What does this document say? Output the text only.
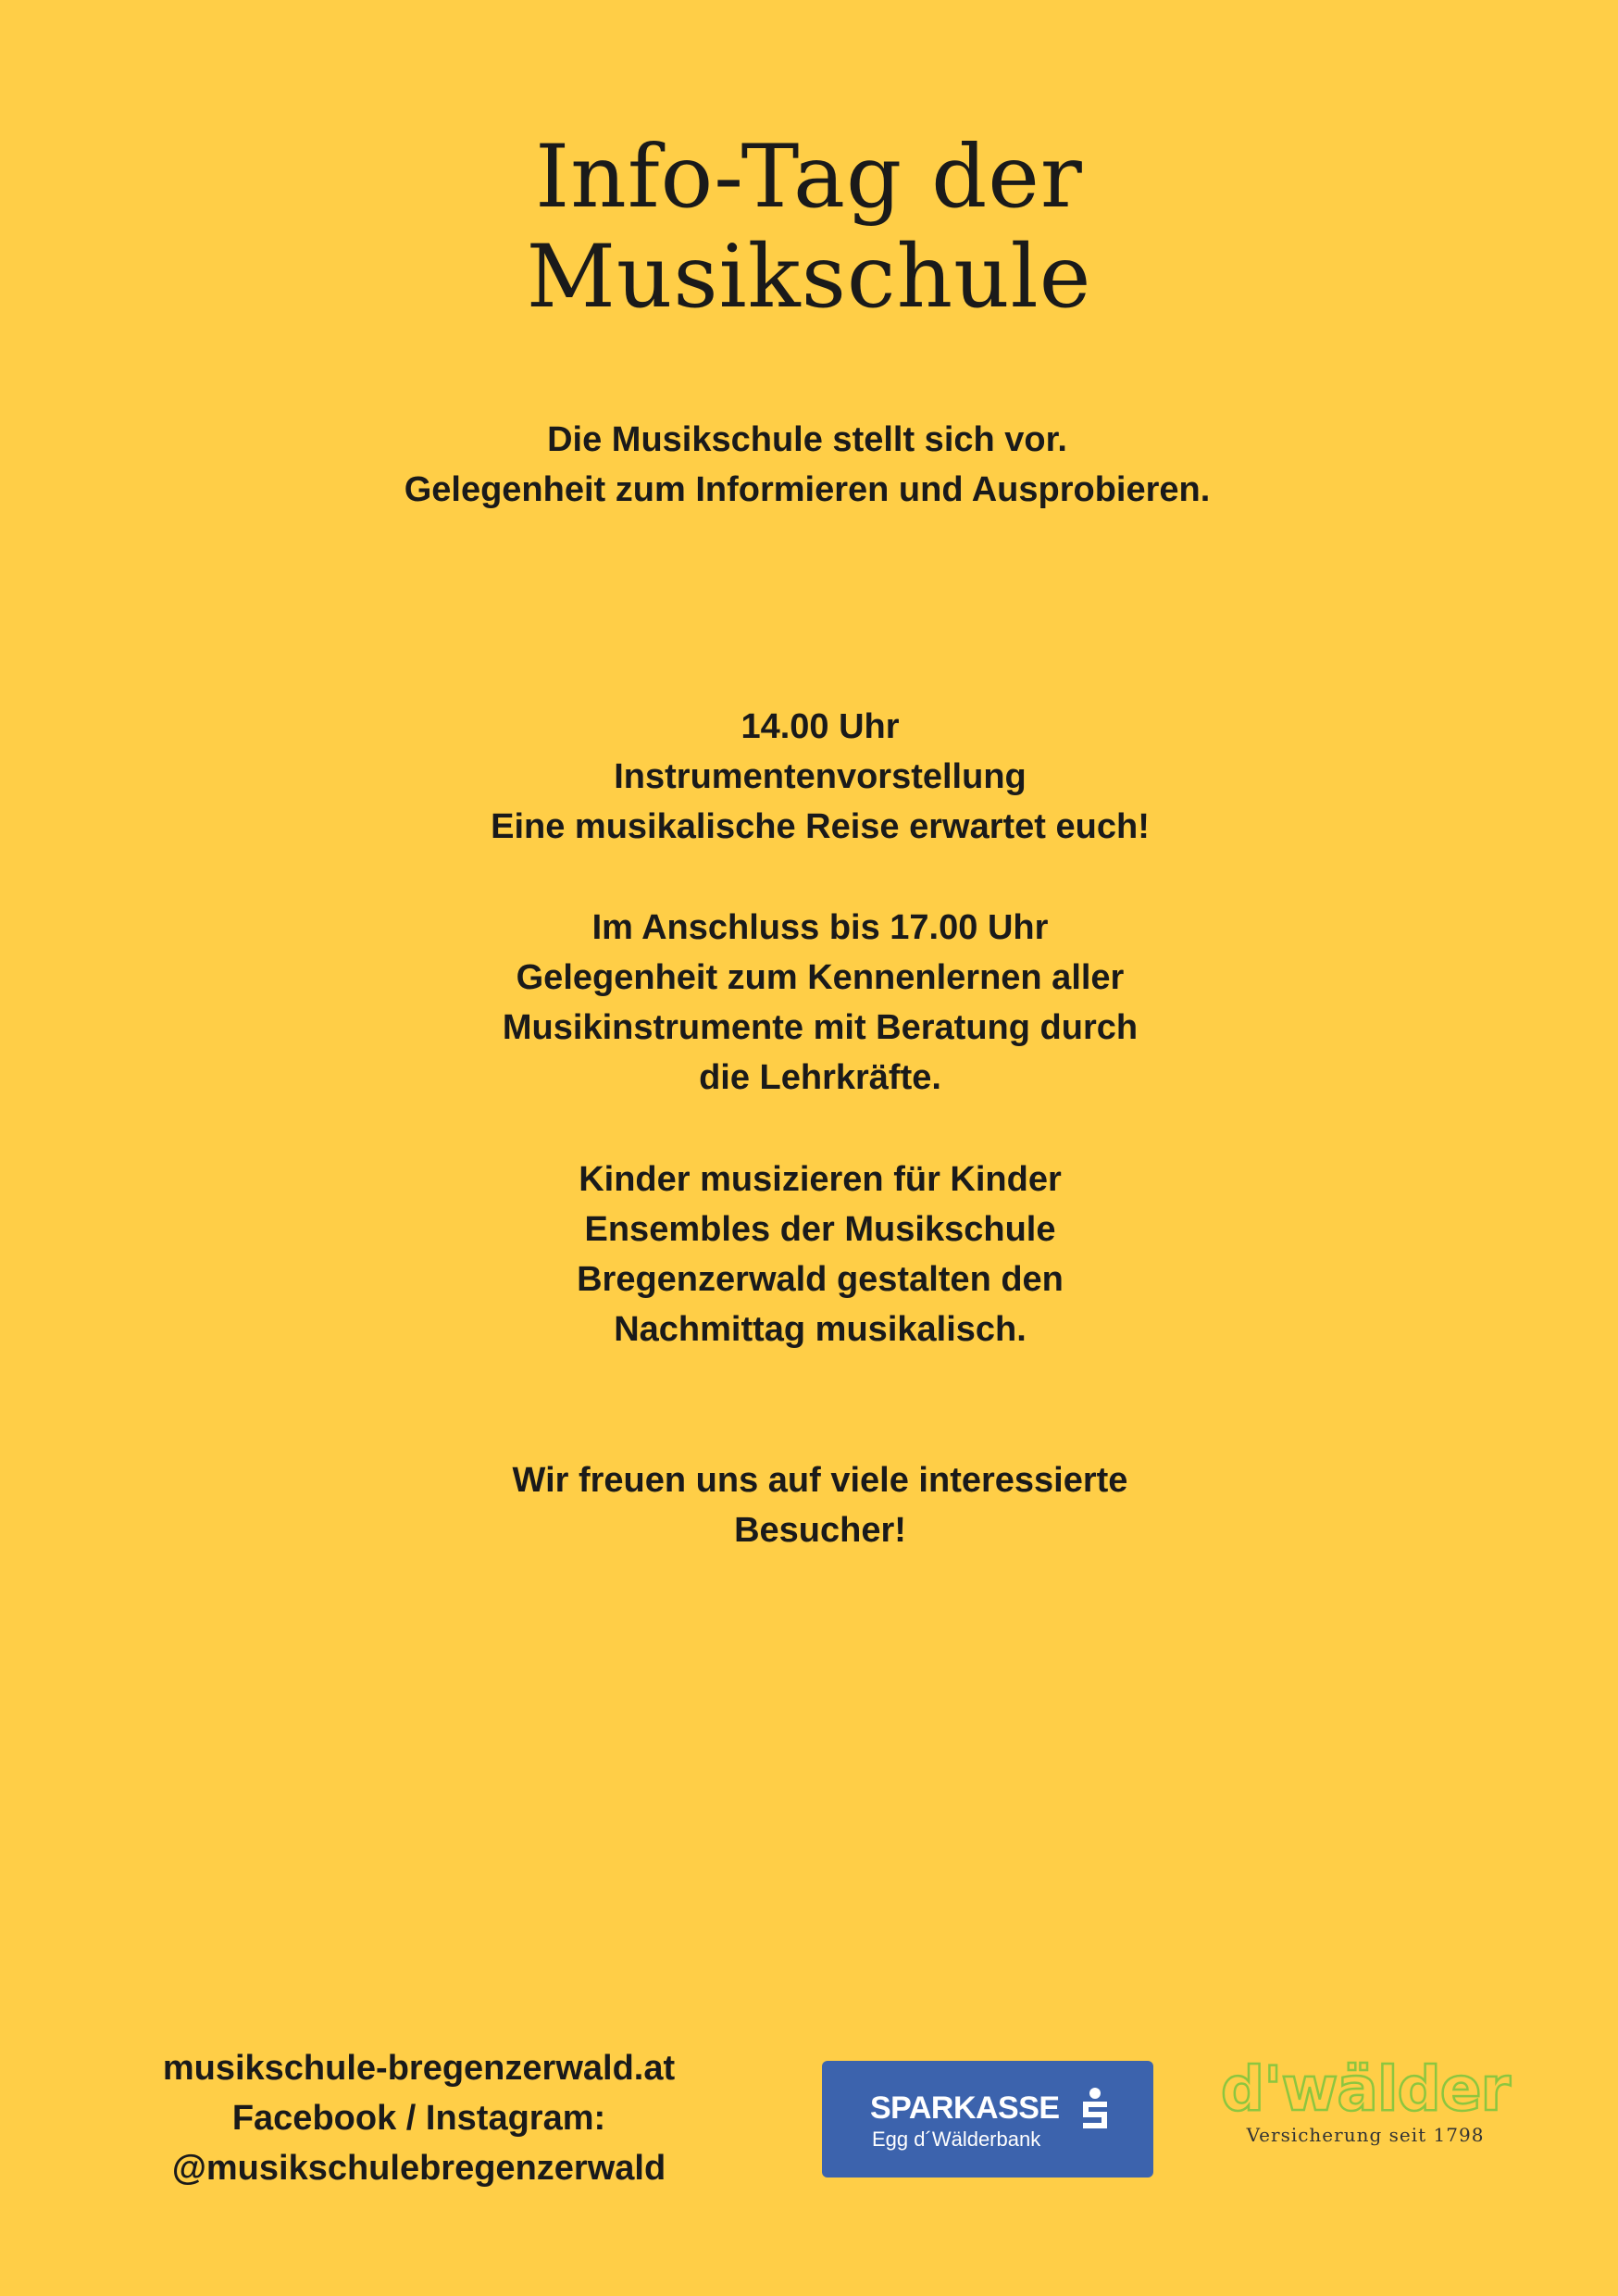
Info-Tag der
Musikschule
Die Musikschule stellt sich vor.
Gelegenheit zum Informieren und Ausprobieren.
14.00 Uhr
Instrumentenvorstellung
Eine musikalische Reise erwartet euch!
Im Anschluss bis 17.00 Uhr
Gelegenheit zum Kennenlernen aller
Musikinstrumente mit Beratung durch
die Lehrkräfte.
Kinder musizieren für Kinder
Ensembles der Musikschule
Bregenzerwald gestalten den
Nachmittag musikalisch.
Wir freuen uns auf viele interessierte
Besucher!
musikschule-bregenzerwald.at
Facebook / Instagram:
@musikschulebregenzerwald
SPARKASSE
Egg d´Wälderbank
d'wälder
Versicherung seit 1798
